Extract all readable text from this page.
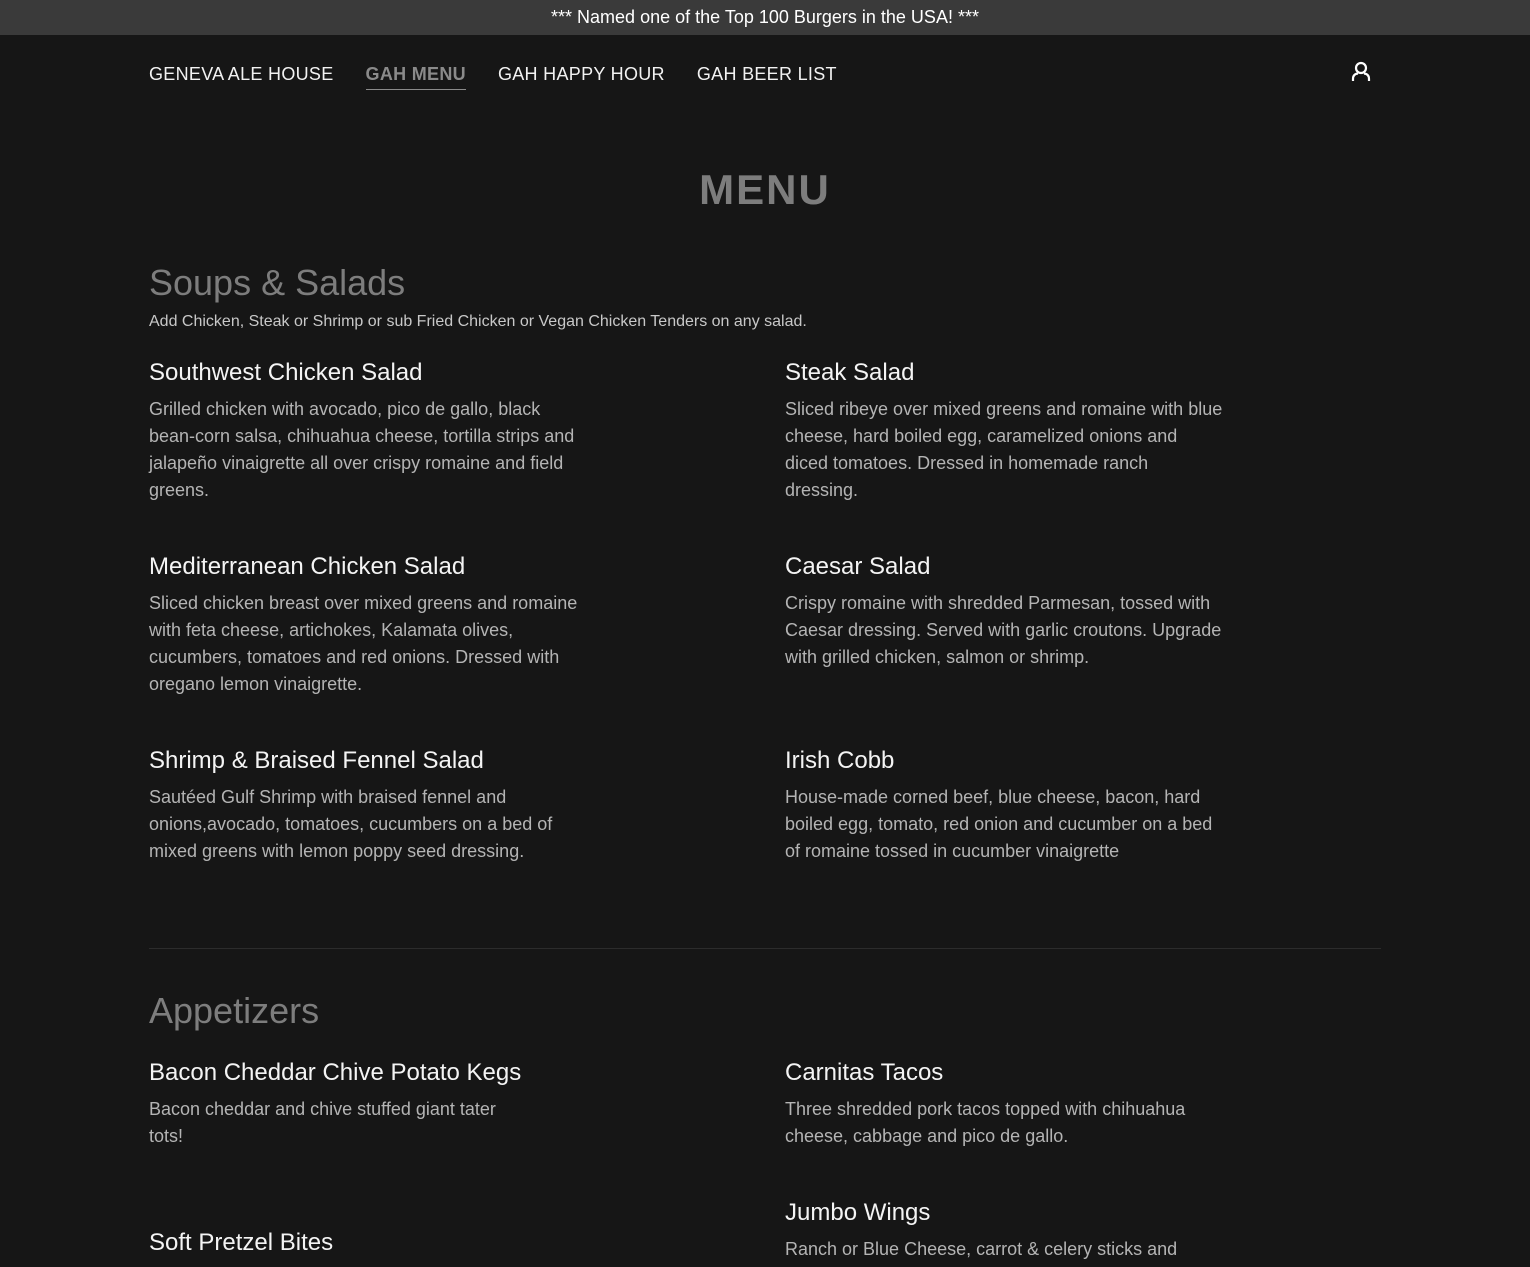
*** Named one of the Top 100 Burgers in the USA! ***
GENEVA ALE HOUSE GAH MENU GAH HAPPY HOUR GAH BEER LIST
MENU
Soups & Salads

Add Chicken, Steak or Shrimp or sub Fried Chicken or Vegan Chicken Tenders on any salad.

Southwest Chicken Salad

Grilled chicken with avocado, pico de gallo, black bean-corn salsa, chihuahua cheese, tortilla strips and jalapeño vinaigrette all over crispy romaine and field greens.

Steak Salad

Sliced ribeye over mixed greens and romaine with blue cheese, hard boiled egg, caramelized onions and diced tomatoes. Dressed in homemade ranch dressing.

Mediterranean Chicken Salad

Sliced chicken breast over mixed greens and romaine with feta cheese, artichokes, Kalamata olives, cucumbers, tomatoes and red onions. Dressed with oregano lemon vinaigrette.

Caesar Salad

Crispy romaine with shredded Parmesan, tossed with Caesar dressing. Served with garlic croutons. Upgrade with grilled chicken, salmon or shrimp.

Shrimp & Braised Fennel Salad

Sautéed Gulf Shrimp with braised fennel and onions,avocado, tomatoes, cucumbers on a bed of mixed greens with lemon poppy seed dressing.

Irish Cobb

House-made corned beef, blue cheese, bacon, hard boiled egg, tomato, red onion and cucumber on a bed of romaine tossed in cucumber vinaigrette

Appetizers
Bacon Cheddar Chive Potato Kegs

Bacon cheddar and chive stuffed giant tater tots!

Carnitas Tacos

Three shredded pork tacos topped with chihuahua cheese, cabbage and pico de gallo.

Soft Pretzel Bites

Jumbo Wings

Ranch or Blue Cheese, carrot & celery sticks and
